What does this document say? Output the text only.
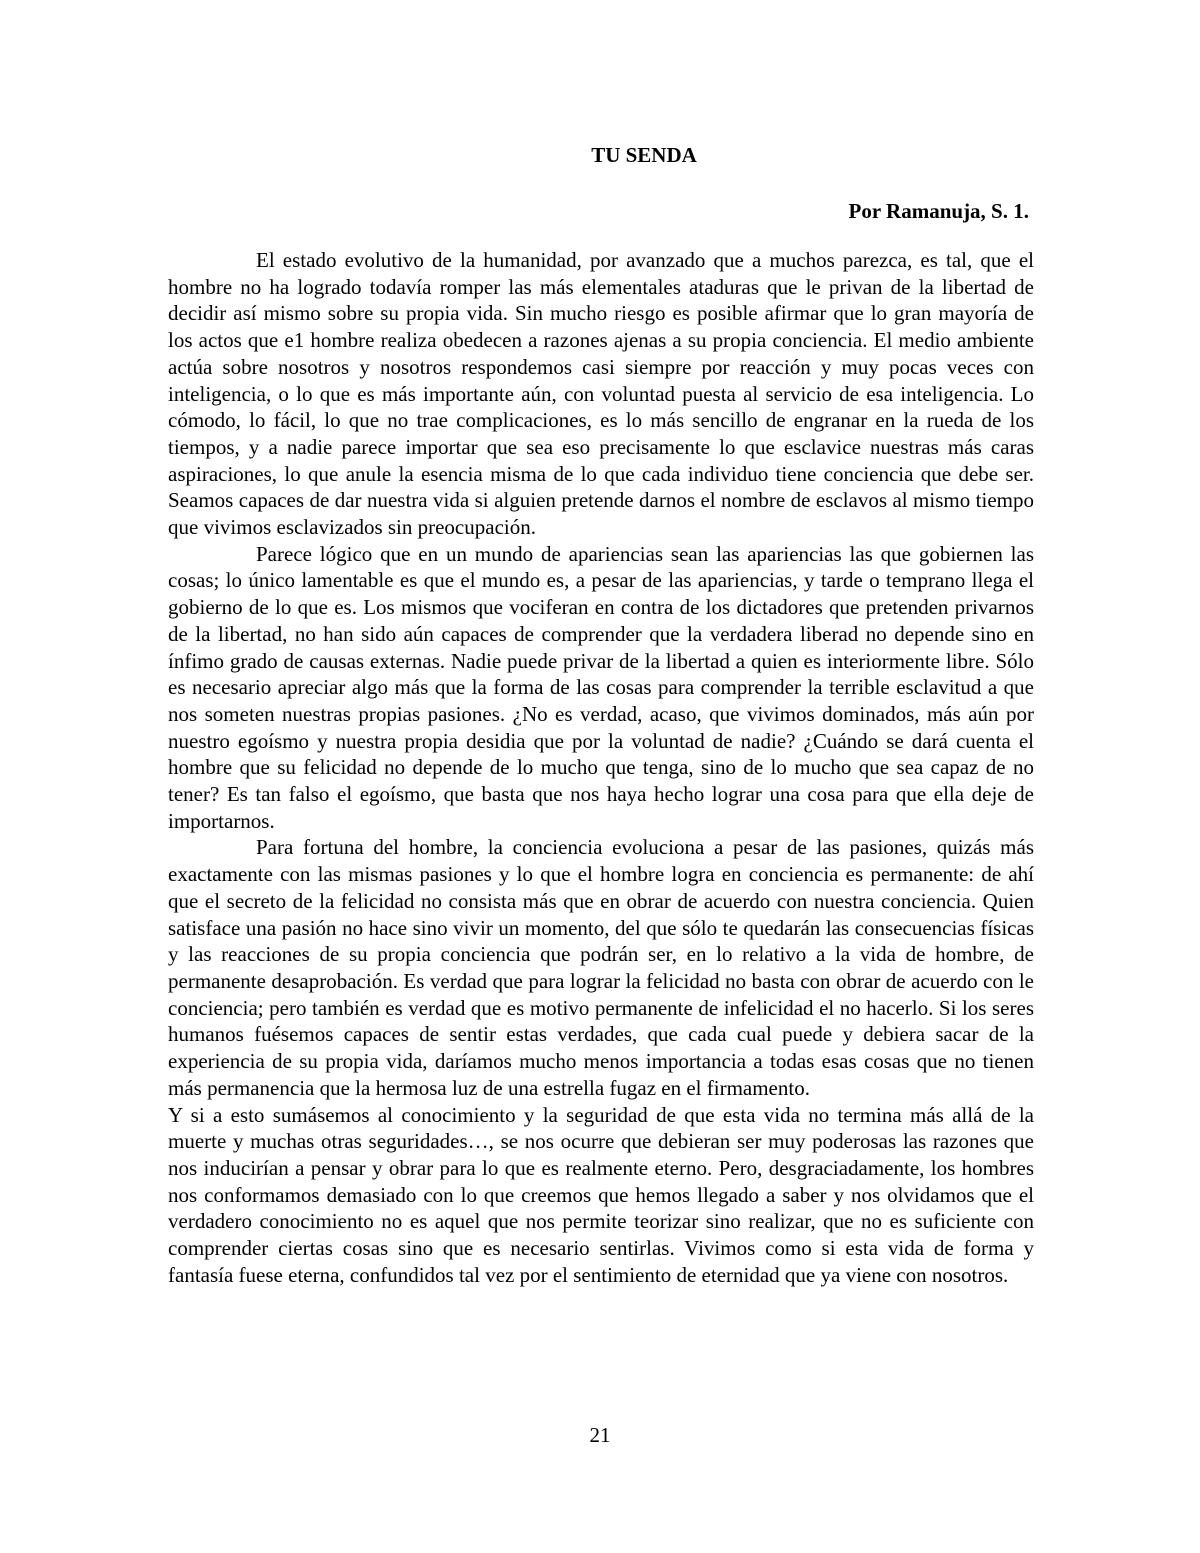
TU SENDA
Por Ramanuja, S. 1.

El estado evolutivo de la humanidad, por avanzado que a muchos parezca, es tal, que el hombre no ha logrado todavía romper las más elementales ataduras que le privan de la libertad de decidir así mismo sobre su propia vida. Sin mucho riesgo es posible afirmar que lo gran mayoría de los actos que e1 hombre realiza obedecen a razones ajenas a su propia conciencia. El medio ambiente actúa sobre nosotros y nosotros respondemos casi siempre por reacción y muy pocas veces con inteligencia, o lo que es más importante aún, con voluntad puesta al servicio de esa inteligencia. Lo cómodo, lo fácil, lo que no trae complicaciones, es lo más sencillo de engranar en la rueda de los tiempos, y a nadie parece importar que sea eso precisamente lo que esclavice nuestras más caras aspiraciones, lo que anule la esencia misma de lo que cada individuo tiene conciencia que debe ser. Seamos capaces de dar nuestra vida si alguien pretende darnos el nombre de esclavos al mismo tiempo que vivimos esclavizados sin preocupación.

Parece lógico que en un mundo de apariencias sean las apariencias las que gobiernen las cosas; lo único lamentable es que el mundo es, a pesar de las apariencias, y tarde o temprano llega el gobierno de lo que es. Los mismos que vociferan en contra de los dictadores que pretenden privarnos de la libertad, no han sido aún capaces de comprender que la verdadera liberad no depende sino en ínfimo grado de causas externas. Nadie puede privar de la libertad a quien es interiormente libre. Sólo es necesario apreciar algo más que la forma de las cosas para comprender la terrible esclavitud a que nos someten nuestras propias pasiones. ¿No es verdad, acaso, que vivimos dominados, más aún por nuestro egoísmo y nuestra propia desidia que por la voluntad de nadie? ¿Cuándo se dará cuenta el hombre que su felicidad no depende de lo mucho que tenga, sino de lo mucho que sea capaz de no tener? Es tan falso el egoísmo, que basta que nos haya hecho lograr una cosa para que ella deje de importarnos.

Para fortuna del hombre, la conciencia evoluciona a pesar de las pasiones, quizás más exactamente con las mismas pasiones y lo que el hombre logra en conciencia es permanente: de ahí que el secreto de la felicidad no consista más que en obrar de acuerdo con nuestra conciencia. Quien satisface una pasión no hace sino vivir un momento, del que sólo te quedarán las consecuencias físicas y las reacciones de su propia conciencia que podrán ser, en lo relativo a la vida de hombre, de permanente desaprobación. Es verdad que para lograr la felicidad no basta con obrar de acuerdo con le conciencia; pero también es verdad que es motivo permanente de infelicidad el no hacerlo. Si los seres humanos fuésemos capaces de sentir estas verdades, que cada cual puede y debiera sacar de la experiencia de su propia vida, daríamos mucho menos importancia a todas esas cosas que no tienen más permanencia que la hermosa luz de una estrella fugaz en el firmamento.

Y si a esto sumásemos al conocimiento y la seguridad de que esta vida no termina más allá de la muerte y muchas otras seguridades…, se nos ocurre que debieran ser muy poderosas las razones que nos inducirían a pensar y obrar para lo que es realmente eterno. Pero, desgraciadamente, los hombres nos conformamos demasiado con lo que creemos que hemos llegado a saber y nos olvidamos que el verdadero conocimiento no es aquel que nos permite teorizar sino realizar, que no es suficiente con comprender ciertas cosas sino que es necesario sentirlas. Vivimos como si esta vida de forma y fantasía fuese eterna, confundidos tal vez por el sentimiento de eternidad que ya viene con nosotros.

21
